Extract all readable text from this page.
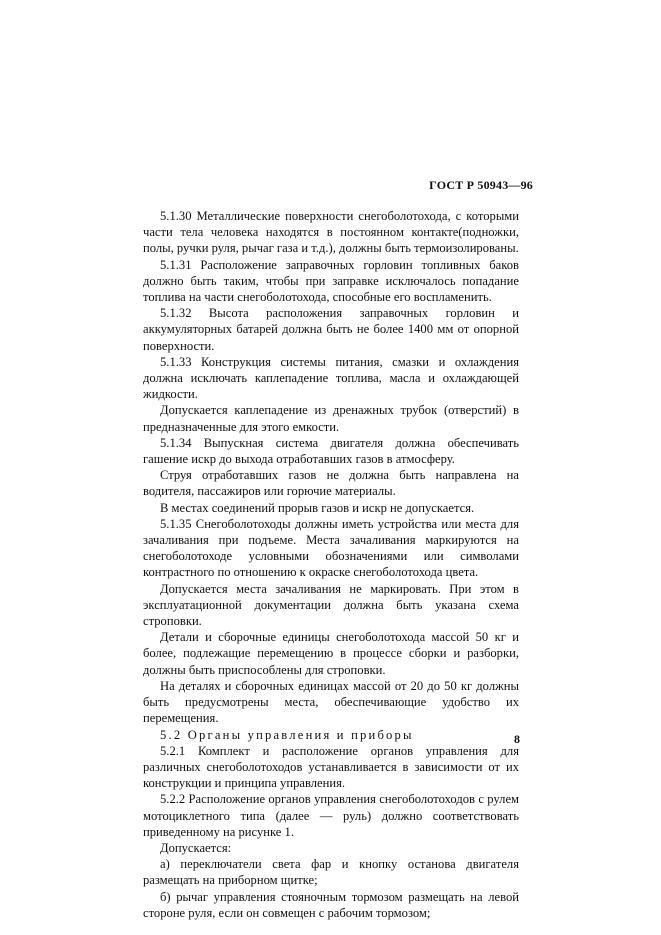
ГОСТ Р 50943—96

5.1.30 Металлические поверхности снегоболотохода, с которыми части тела человека находятся в постоянном контакте(подножки, полы, ручки руля, рычаг газа и т.д.), должны быть термоизолированы.

5.1.31 Расположение заправочных горловин топливных баков должно быть таким, чтобы при заправке исключалось попадание топлива на части снегоболотохода, способные его воспламенить.

5.1.32 Высота расположения заправочных горловин и аккумуляторных батарей должна быть не более 1400 мм от опорной поверхности.

5.1.33 Конструкция системы питания, смазки и охлаждения должна исключать каплепадение топлива, масла и охлаждающей жидкости.

Допускается каплепадение из дренажных трубок (отверстий) в предназначенные для этого емкости.

5.1.34 Выпускная система двигателя должна обеспечивать гашение искр до выхода отработавших газов в атмосферу.

Струя отработавших газов не должна быть направлена на водителя, пассажиров или горючие материалы.

В местах соединений прорыв газов и искр не допускается.

5.1.35 Снегоболотоходы должны иметь устройства или места для зачаливания при подъеме. Места зачаливания маркируются на снегоболотоходе условными обозначениями или символами контрастного по отношению к окраске снегоболотохода цвета.

Допускается места зачаливания не маркировать. При этом в эксплуатационной документации должна быть указана схема строповки.

Детали и сборочные единицы снегоболотохода массой 50 кг и более, подлежащие перемещению в процессе сборки и разборки, должны быть приспособлены для строповки.

На деталях и сборочных единицах массой от 20 до 50 кг должны быть предусмотрены места, обеспечивающие удобство их перемещения.

5.2 Органы управления и приборы

5.2.1 Комплект и расположение органов управления для различных снегоболотоходов устанавливается в зависимости от их конструкции и принципа управления.

5.2.2 Расположение органов управления снегоболотоходов с рулем мотоциклетного типа (далее — руль) должно соответствовать приведенному на рисунке 1.

Допускается:

а) переключатели света фар и кнопку останова двигателя размещать на приборном щитке;

б) рычаг управления стояночным тормозом размещать на левой стороне руля, если он совмещен с рабочим тормозом;

8
